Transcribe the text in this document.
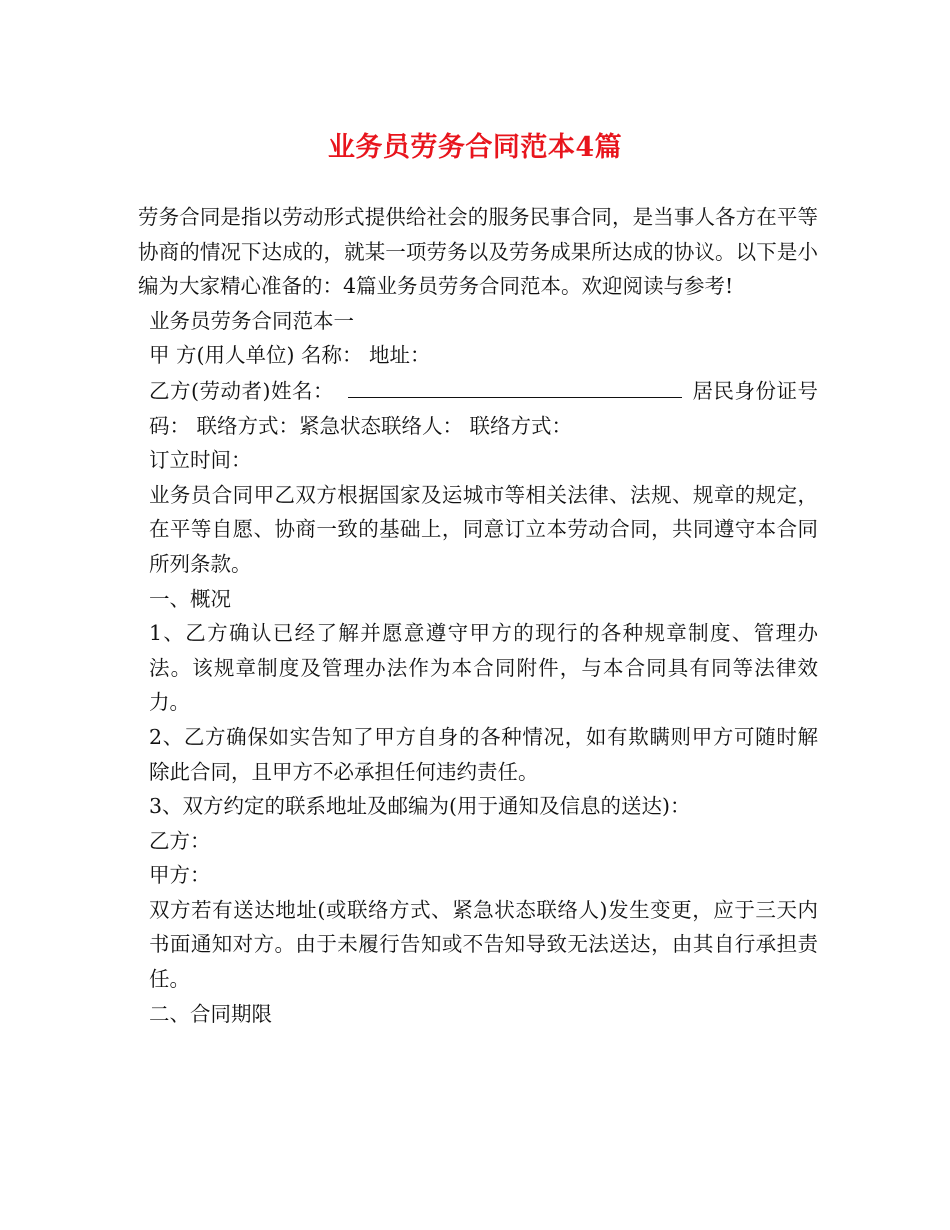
业务员劳务合同范本4篇

劳务合同是指以劳动形式提供给社会的服务民事合同，是当事人各方在平等协商的情况下达成的，就某一项劳务以及劳务成果所达成的协议。以下是小编为大家精心准备的：4篇业务员劳务合同范本。欢迎阅读与参考!

业务员劳务合同范本一

甲 方(用人单位) 名称： 地址：

乙方(劳动者)姓名：	居民身份证号码： 联络方式：紧急状态联络人： 联络方式：

订立时间：

业务员合同甲乙双方根据国家及运城市等相关法律、法规、规章的规定，在平等自愿、协商一致的基础上，同意订立本劳动合同，共同遵守本合同所列条款。

一、概况

1、乙方确认已经了解并愿意遵守甲方的现行的各种规章制度、管理办法。该规章制度及管理办法作为本合同附件，与本合同具有同等法律效力。

2、乙方确保如实告知了甲方自身的各种情况，如有欺瞒则甲方可随时解除此合同，且甲方不必承担任何违约责任。

3、双方约定的联系地址及邮编为(用于通知及信息的送达)：

乙方：

甲方：

双方若有送达地址(或联络方式、紧急状态联络人)发生变更，应于三天内书面通知对方。由于未履行告知或不告知导致无法送达，由其自行承担责任。

二、合同期限
